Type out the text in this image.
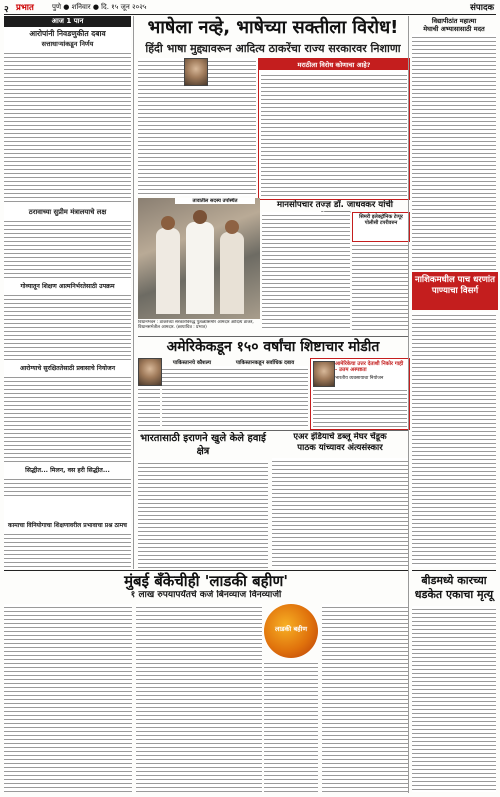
२ प्रभात	पुणे ● शनिवार ● दि. १५ जून २०२५	संपादक
आज 1 पान
आरोपांनी निवडणुकीत दबाव
सत्ताधाऱ्यांकडून निर्णय
ठरावाच्या सुप्रीम मंत्रालयाचे लक्ष
गोव्यातून शिक्षण आत्मनिर्भरतेसाठी उपक्रम
आरोग्याचे सुरक्षिततेसाठी प्रवासाचे नियोजन
सिद्धीत... मिलन, वस हरी सिद्धीत...
कामाचा विनियोगाचा शिक्षणावरील प्रभावाचा प्रश्न ठामच
भाषेला नव्हे, भाषेच्या सक्तीला विरोध!
हिंदी भाषा मुद्द्यावरून आदित्य ठाकरेंचा राज्य सरकारवर निशाणा
मराठीला विरोध कोणाचा आहे?
तावातील सदस्य उपस्थित
विधानभवन : ठाकरेंच्या सरकारविरुद्ध पुतळ्यासमोर आमदार आदित्य ठाकरे, विधानसभेतील आमदार. (छायाचित्र : प्रभात)
मानसोपचार तज्ज्ञ डॉ. जाधवकर यांची
सिमरी इलेक्ट्रॉनिक टेप्पूर पोलीसी टपरीवरुन
अमेरिकेकडून १५० वर्षांचा शिष्टाचार मोडीत
पाकिस्तानचे कौशल्य	पाकिस्तानकडून सर्वाधिक दबाव	आमेरिकेचा उत्तर देताशी निकोर गाही - उत्तम अस्पष्टता
भारतीय व्यवसायाचा नियोजन
भारतासाठी इराणने खुले केले हवाई क्षेत्र
एअर इंडियाचे डब्लू मेघर चेंडूक
पाठक यांच्यावर अंत्यसंस्कार
मुंबई बँकेचीही 'लाडकी बहीण'
१ लाख रुपयापर्यंतचे कर्ज बिनव्याज विनव्याजी
लाडकी बहीण
विद्यापीठांत महात्मा
मेघाची अभ्यासासाठी मदत
नाशिकमधील पाच धरणांत पाण्याचा विसर्ग
बीडमध्ये कारच्या धडकेत एकाचा मृत्यू
